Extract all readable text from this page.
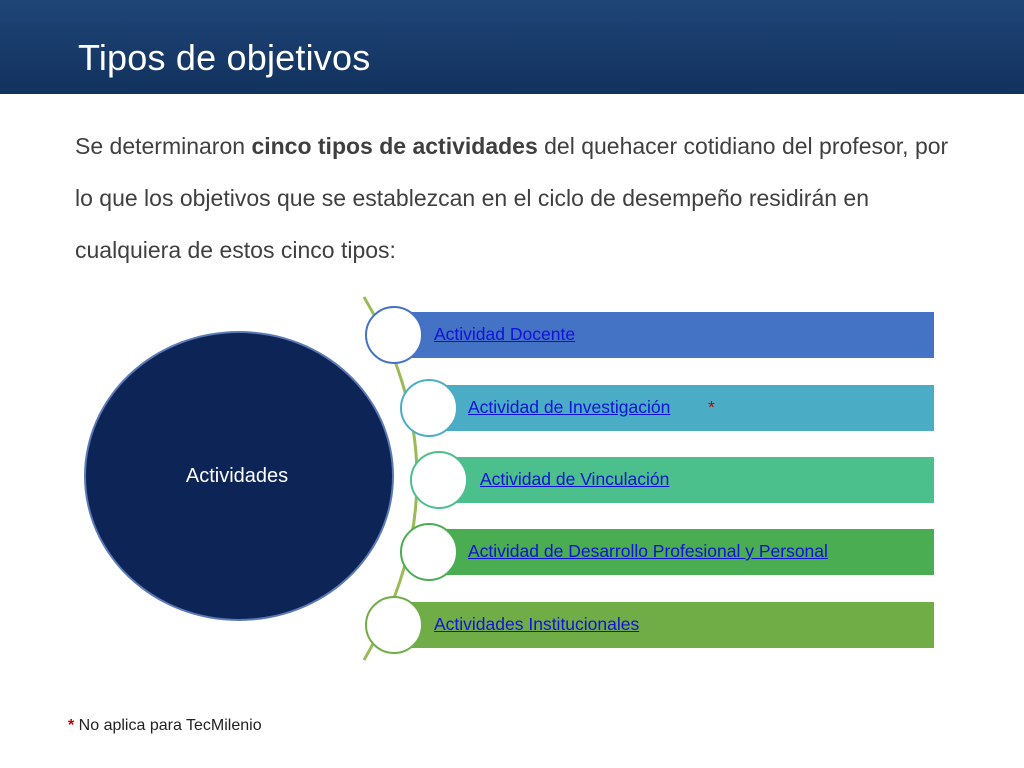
Tipos de objetivos

Se determinaron cinco tipos de actividades del quehacer cotidiano del profesor, por lo que los objetivos que se establezcan en el ciclo de desempeño residirán en cualquiera de estos cinco tipos:

Actividades
Actividad Docente
Actividad de Investigación *
Actividad de Vinculación
Actividad de Desarrollo Profesional y Personal
Actividades Institucionales
* No aplica para TecMilenio
